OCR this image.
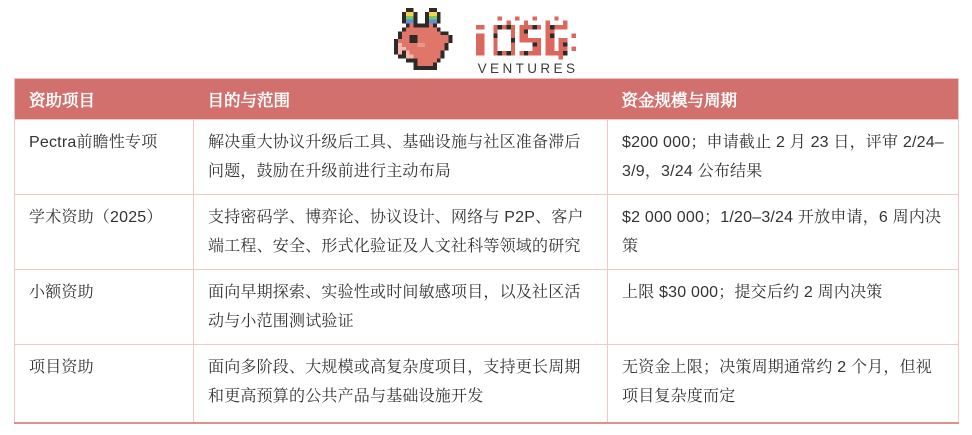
VENTURES
资助项目	目的与范围	资金规模与周期
Pectra前瞻性专项	解决重大协议升级后工具、基础设施与社区准备滞后问题，鼓励在升级前进行主动布局	$200 000；申请截止 2 月 23 日，评审 2/24–3/9，3/24 公布结果
学术资助（2025）	支持密码学、博弈论、协议设计、网络与 P2P、客户端工程、安全、形式化验证及人文社科等领域的研究	$2 000 000；1/20–3/24 开放申请，6 周内决策
小额资助	面向早期探索、实验性或时间敏感项目，以及社区活动与小范围测试验证	上限 $30 000；提交后约 2 周内决策
项目资助	面向多阶段、大规模或高复杂度项目，支持更长周期和更高预算的公共产品与基础设施开发	无资金上限；决策周期通常约 2 个月，但视项目复杂度而定
